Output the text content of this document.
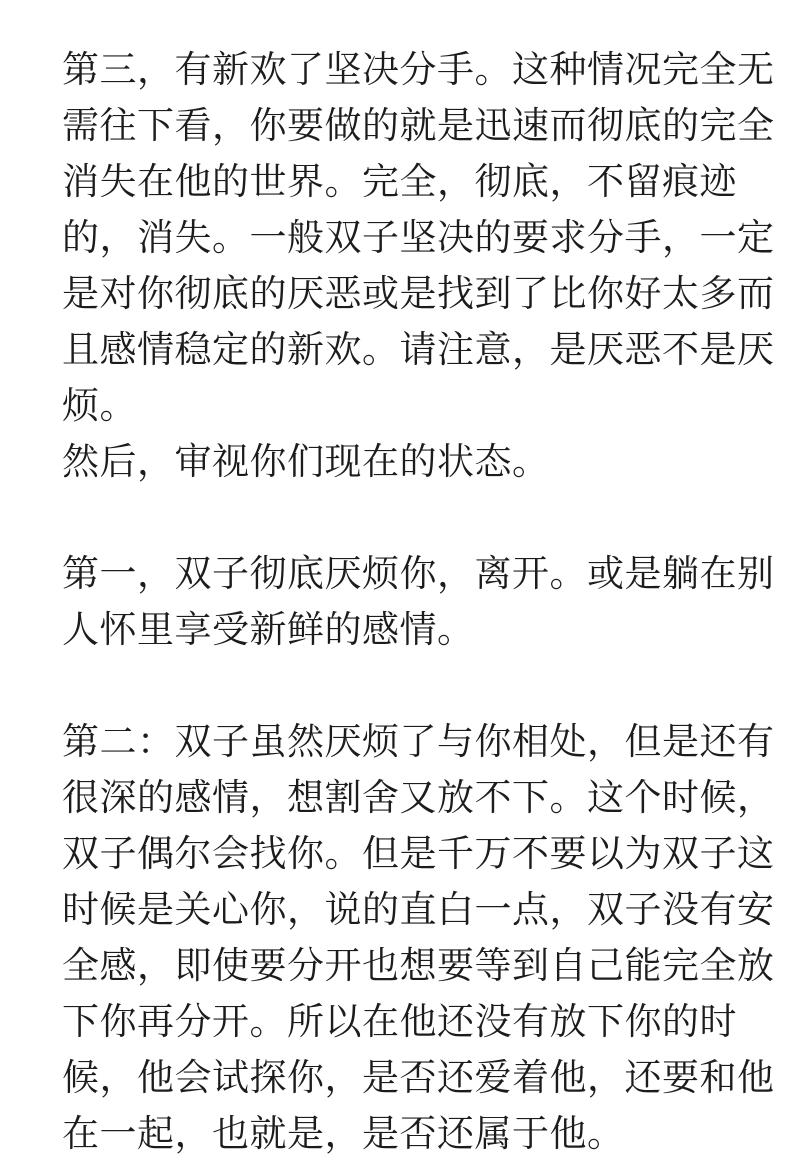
第三，有新欢了坚决分手。这种情况完全无
需往下看，你要做的就是迅速而彻底的完全
消失在他的世界。完全，彻底，不留痕迹
的，消失。一般双子坚决的要求分手，一定
是对你彻底的厌恶或是找到了比你好太多而
且感情稳定的新欢。请注意，是厌恶不是厌
烦。
然后，审视你们现在的状态。
第一，双子彻底厌烦你，离开。或是躺在别
人怀里享受新鲜的感情。
第二：双子虽然厌烦了与你相处，但是还有
很深的感情，想割舍又放不下。这个时候，
双子偶尔会找你。但是千万不要以为双子这
时候是关心你，说的直白一点，双子没有安
全感，即使要分开也想要等到自己能完全放
下你再分开。所以在他还没有放下你的时
候，他会试探你，是否还爱着他，还要和他
在一起，也就是，是否还属于他。
